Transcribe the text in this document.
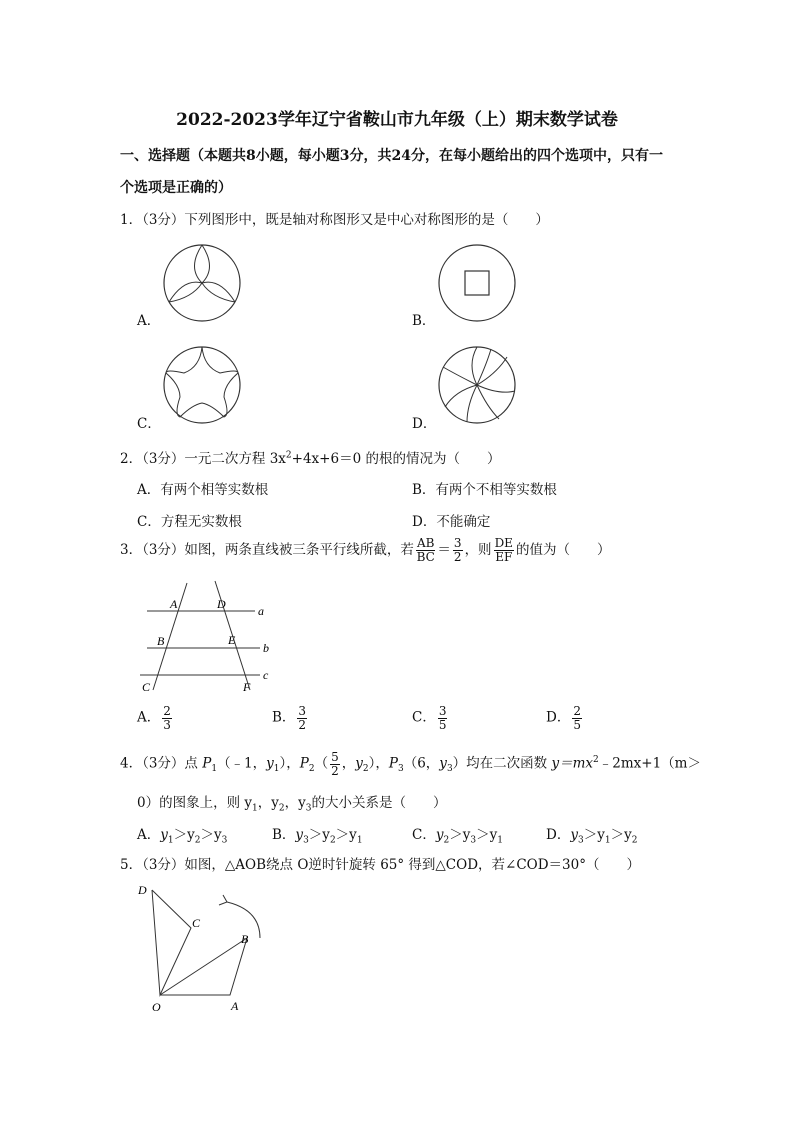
2022-2023学年辽宁省鞍山市九年级（上）期末数学试卷
一、选择题（本题共8小题，每小题3分，共24分，在每小题给出的四个选项中，只有一
个选项是正确的）
1．（3分）下列图形中，既是轴对称图形又是中心对称图形的是（　　）
A．	B．
C．	D．
2．（3分）一元二次方程 $3x^2+4x+6=0$ 的根的情况为（　　）
A．有两个相等实数根	B．有两个不相等实数根
C．方程无实数根	D．不能确定
3．（3分）如图，两条直线被三条平行线所截，若 $\frac{AB}{BC} = \frac{3}{2}$ ，则 $\frac{DE}{EF}$ 的值为（　　）
A	D	a
B	E
b
C	F
c
A． $\frac{2}{3}$	B． $\frac{3}{2}$	C． $\frac{3}{5}$	D． $\frac{2}{5}$
4．（3分）点 $P_1(﹣1$，$y_1$），$P_2( \frac{5}{2}$ ，$y_2$），$P_3(6$，$y_3$）均在二次函数 $y=mx^2﹣2mx+1(m>$
0）的图象上，则 $y_1$，$y_2$，$y_3$的大小关系是（　　）
A．$y_1>y_2>y_3$	B．$y_3>y_2>y_1$	C．$y_2>y_3>y_1$	D．$y_3>y_1>y_2$
5．（3分）如图，△AOB绕点 O逆时针旋转 65° 得到△COD，若∠COD＝30°（　　）
D
C
B
O	A
